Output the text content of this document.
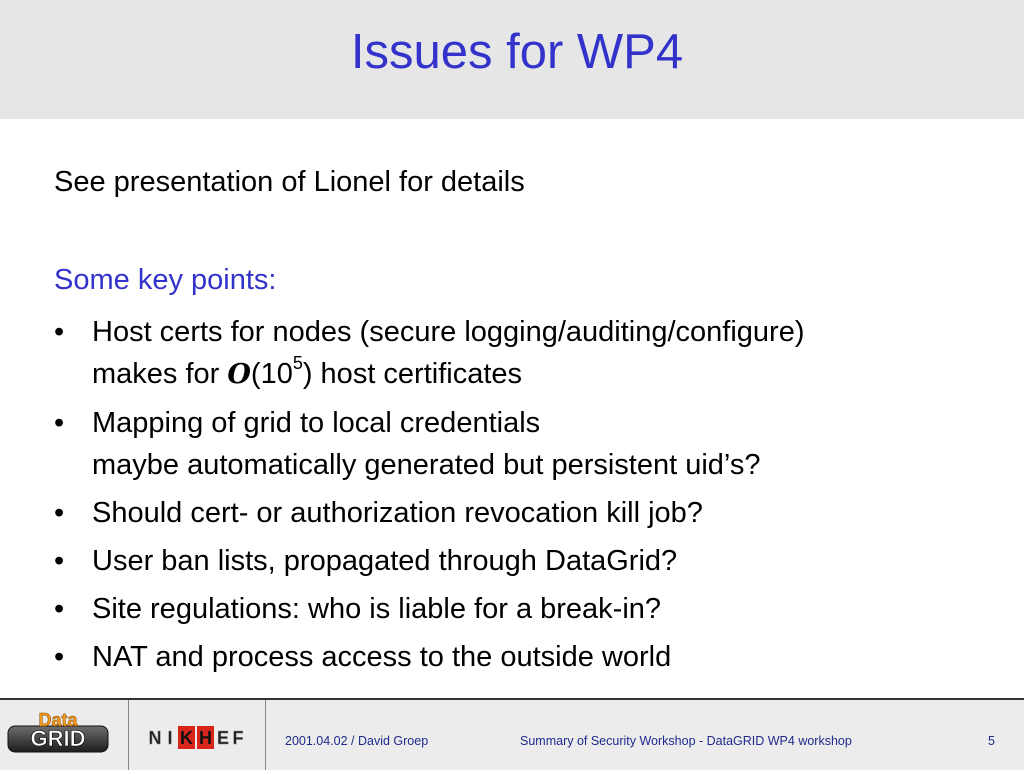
Issues for WP4
See presentation of Lionel for details
Some key points:
• Host certs for nodes (secure logging/auditing/configure)
makes for $O(10^5)$ host certificates
• Mapping of grid to local credentials
maybe automatically generated but persistent uid’s?
• Should cert- or authorization revocation kill job?
• User ban lists, propagated through DataGrid?
• Site regulations: who is liable for a break-in?
• NAT and process access to the outside world
GRID
Data
N I K H E F	2001.04.02 / David Groep	Summary of Security Workshop - DataGRID WP4 workshop	5
